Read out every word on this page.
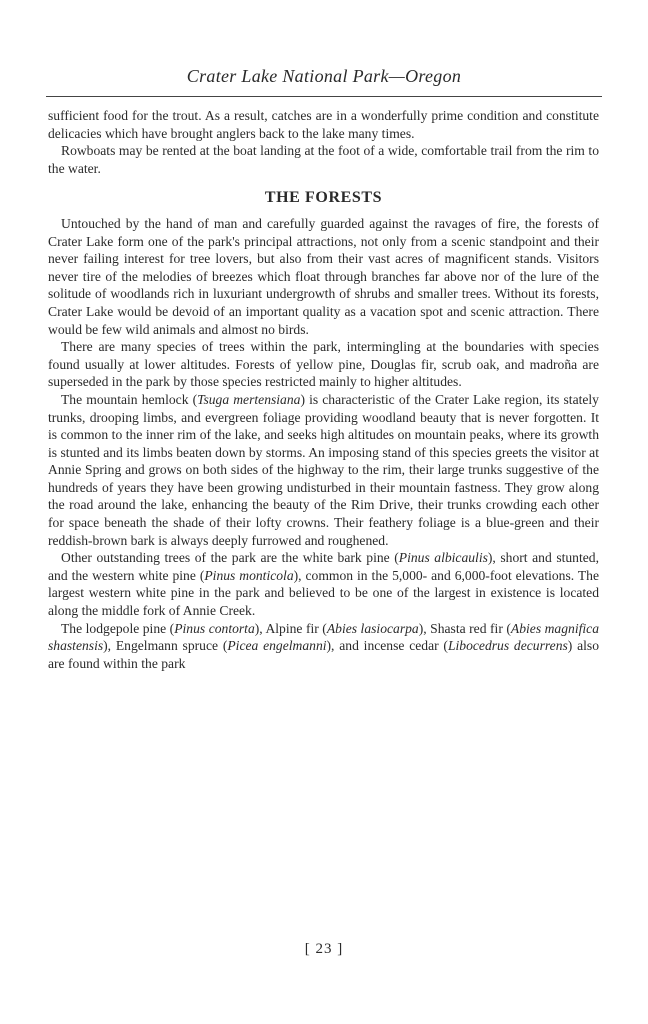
Crater Lake National Park—Oregon

sufficient food for the trout. As a result, catches are in a wonderfully prime condition and constitute delicacies which have brought anglers back to the lake many times.

Rowboats may be rented at the boat landing at the foot of a wide, comfortable trail from the rim to the water.

THE FORESTS

Untouched by the hand of man and carefully guarded against the ravages of fire, the forests of Crater Lake form one of the park's principal attractions, not only from a scenic standpoint and their never failing interest for tree lovers, but also from their vast acres of magnificent stands. Visitors never tire of the melodies of breezes which float through branches far above nor of the lure of the solitude of woodlands rich in luxuriant undergrowth of shrubs and smaller trees. Without its forests, Crater Lake would be devoid of an important quality as a vacation spot and scenic attraction. There would be few wild animals and almost no birds.

There are many species of trees within the park, intermingling at the boundaries with species found usually at lower altitudes. Forests of yellow pine, Douglas fir, scrub oak, and madroña are superseded in the park by those species restricted mainly to higher altitudes.

The mountain hemlock (Tsuga mertensiana) is characteristic of the Crater Lake region, its stately trunks, drooping limbs, and evergreen foliage providing woodland beauty that is never forgotten. It is common to the inner rim of the lake, and seeks high altitudes on mountain peaks, where its growth is stunted and its limbs beaten down by storms. An imposing stand of this species greets the visitor at Annie Spring and grows on both sides of the highway to the rim, their large trunks suggestive of the hundreds of years they have been growing undisturbed in their mountain fastness. They grow along the road around the lake, enhancing the beauty of the Rim Drive, their trunks crowding each other for space beneath the shade of their lofty crowns. Their feathery foliage is a blue-green and their reddish-brown bark is always deeply furrowed and roughened.

Other outstanding trees of the park are the white bark pine (Pinus albicaulis), short and stunted, and the western white pine (Pinus monticola), common in the 5,000- and 6,000-foot elevations. The largest western white pine in the park and believed to be one of the largest in existence is located along the middle fork of Annie Creek.

The lodgepole pine (Pinus contorta), Alpine fir (Abies lasiocarpa), Shasta red fir (Abies magnifica shastensis), Engelmann spruce (Picea engelmanni), and incense cedar (Libocedrus decurrens) also are found within the park

[ 23 ]
